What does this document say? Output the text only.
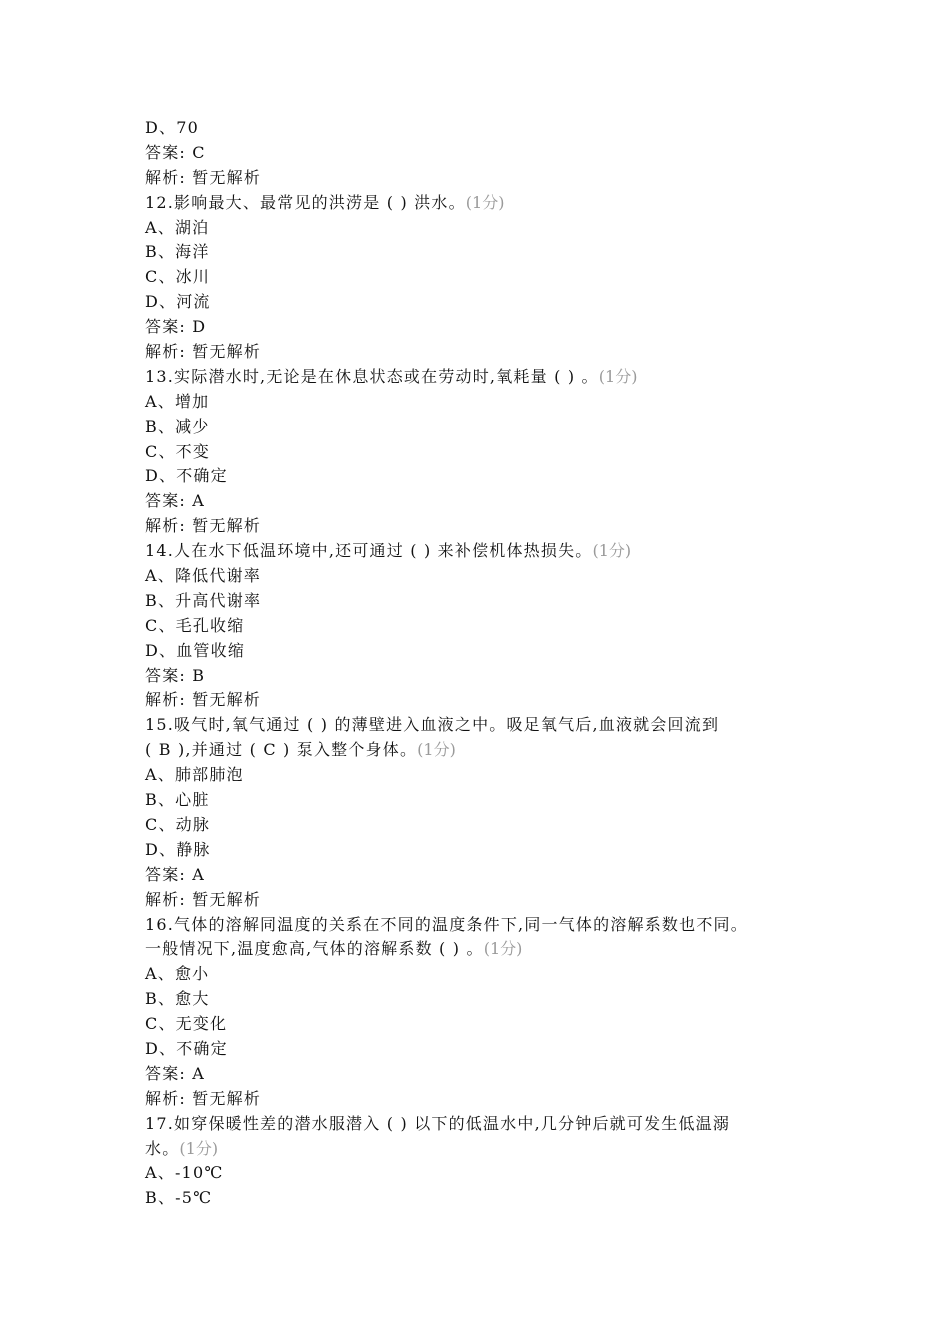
D、70
答案: C
解析: 暂无解析
12.影响最大、最常见的洪涝是 ( ) 洪水。(1分)
A、湖泊
B、海洋
C、冰川
D、河流
答案: D
解析: 暂无解析
13.实际潜水时,无论是在休息状态或在劳动时,氧耗量 ( ) 。(1分)
A、增加
B、减少
C、不变
D、不确定
答案: A
解析: 暂无解析
14.人在水下低温环境中,还可通过 ( ) 来补偿机体热损失。(1分)
A、降低代谢率
B、升高代谢率
C、毛孔收缩
D、血管收缩
答案: B
解析: 暂无解析
15.吸气时,氧气通过 ( ) 的薄壁进入血液之中。吸足氧气后,血液就会回流到
( B ),并通过 ( C ) 泵入整个身体。(1分)
A、肺部肺泡
B、心脏
C、动脉
D、静脉
答案: A
解析: 暂无解析
16.气体的溶解同温度的关系在不同的温度条件下,同一气体的溶解系数也不同。
一般情况下,温度愈高,气体的溶解系数 ( ) 。(1分)
A、愈小
B、愈大
C、无变化
D、不确定
答案: A
解析: 暂无解析
17.如穿保暖性差的潜水服潜入 ( ) 以下的低温水中,几分钟后就可发生低温溺
水。(1分)
A、-10℃
B、-5℃
